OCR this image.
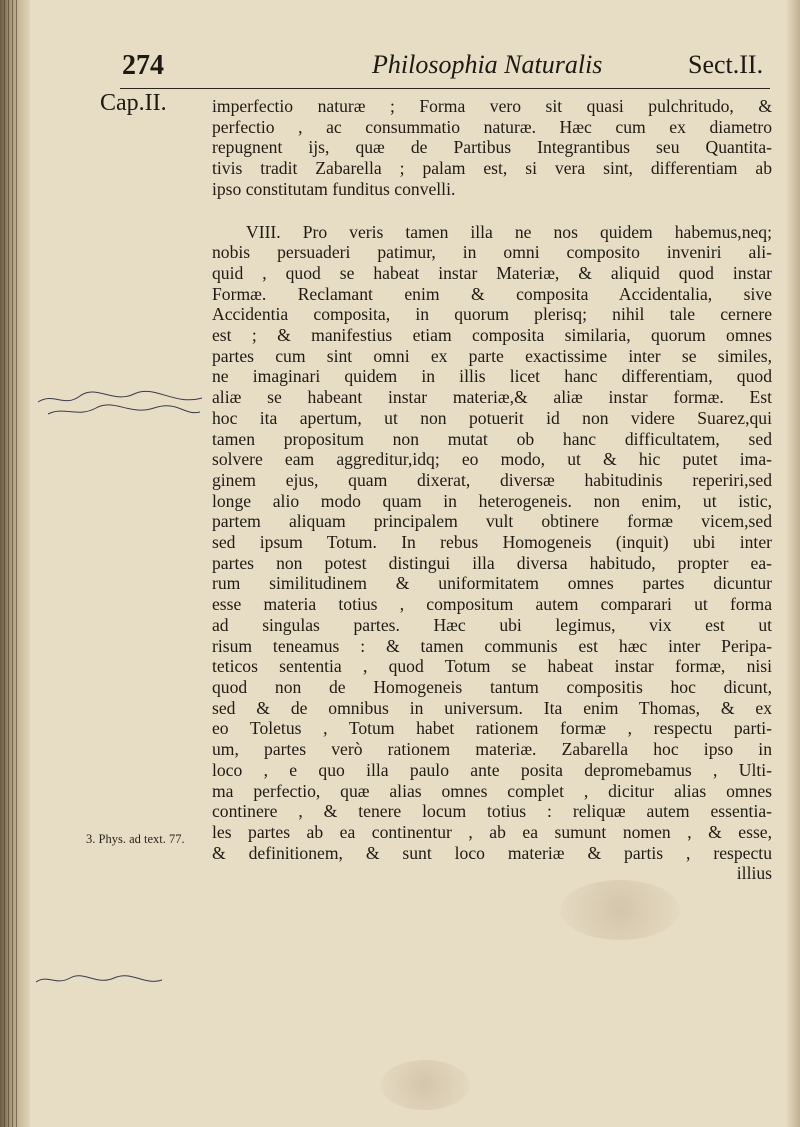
274	Philosophia Naturalis	Sect.II.
Cap.II.	imperfectio naturæ ; Forma vero sit quasi pulchritudo, &
perfectio , ac consummatio naturæ. Hæc cum ex diametro
repugnent ijs, quæ de Partibus Integrantibus seu Quantita-
tivis tradit Zabarella ; palam est, si vera sint, differentiam ab
ipso constitutam funditus convelli.
VIII. Pro veris tamen illa ne nos quidem habemus,neq;
nobis persuaderi patimur, in omni composito inveniri ali-
quid , quod se habeat instar Materiæ, & aliquid quod instar
Formæ. Reclamant enim & composita Accidentalia, sive
Accidentia composita, in quorum plerisq; nihil tale cernere
est ; & manifestius etiam composita similaria, quorum omnes
partes cum sint omni ex parte exactissime inter se similes,
ne imaginari quidem in illis licet hanc differentiam, quod
aliæ se habeant instar materiæ,& aliæ instar formæ. Est
hoc ita apertum, ut non potuerit id non videre Suarez,qui
tamen propositum non mutat ob hanc difficultatem, sed
solvere eam aggreditur,idq; eo modo, ut & hic putet ima-
ginem ejus, quam dixerat, diversæ habitudinis reperiri,sed
longe alio modo quam in heterogeneis. non enim, ut istic,
partem aliquam principalem vult obtinere formæ vicem,sed
sed ipsum Totum. In rebus Homogeneis (inquit) ubi inter
partes non potest distingui illa diversa habitudo, propter ea-
rum similitudinem & uniformitatem omnes partes dicuntur
esse materia totius , compositum autem comparari ut forma
ad singulas partes. Hæc ubi legimus, vix est ut
risum teneamus : & tamen communis est hæc inter Peripa-
teticos sententia , quod Totum se habeat instar formæ, nisi
quod non de Homogeneis tantum compositis hoc dicunt,
sed & de omnibus in universum. Ita enim Thomas, & ex
eo Toletus , Totum habet rationem formæ , respectu parti-
um, partes verò rationem materiæ. Zabarella hoc ipso in
loco , e quo illa paulo ante posita depromebamus , Ulti-
ma perfectio, quæ alias omnes complet , dicitur alias omnes
continere , & tenere locum totius : reliquæ autem essentia-
les partes ab ea continentur , ab ea sumunt nomen , & esse,
& definitionem, & sunt loco materiæ & partis , respectu
illius
3. Phys. ad text. 77.
